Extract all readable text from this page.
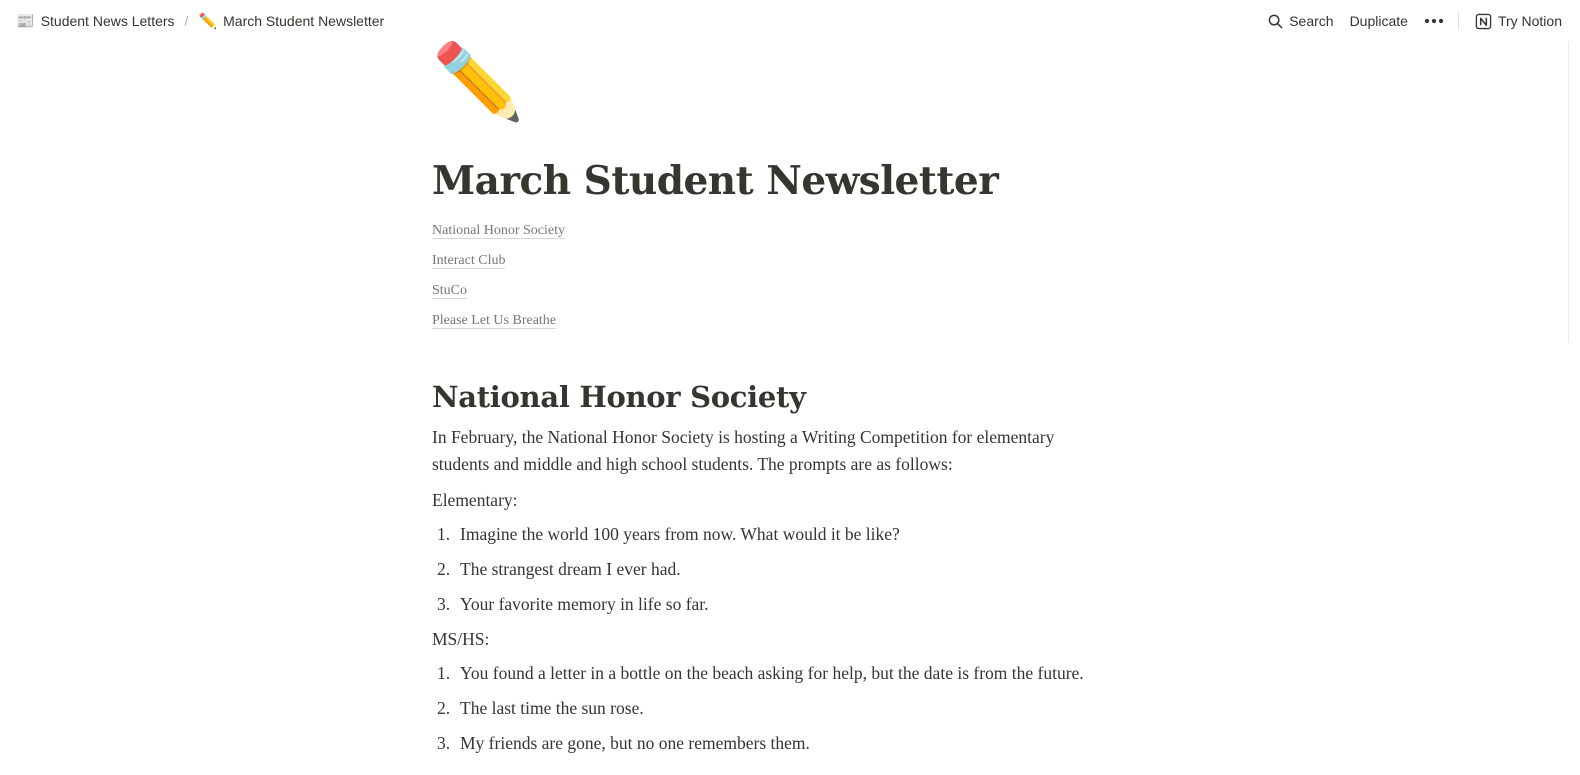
📰 Student News Letters / ✏️ March Student Newsletter	Search Duplicate	Try Notion
✏️
March Student Newsletter
National Honor Society
Interact Club
StuCo
Please Let Us Breathe
National Honor Society
In February, the National Honor Society is hosting a Writing Competition for elementary students and middle and high school students. The prompts are as follows:
Elementary:
1. Imagine the world 100 years from now. What would it be like?
2. The strangest dream I ever had.
3. Your favorite memory in life so far.
MS/HS:
1. You found a letter in a bottle on the beach asking for help, but the date is from the future.
2. The last time the sun rose.
3. My friends are gone, but no one remembers them.
